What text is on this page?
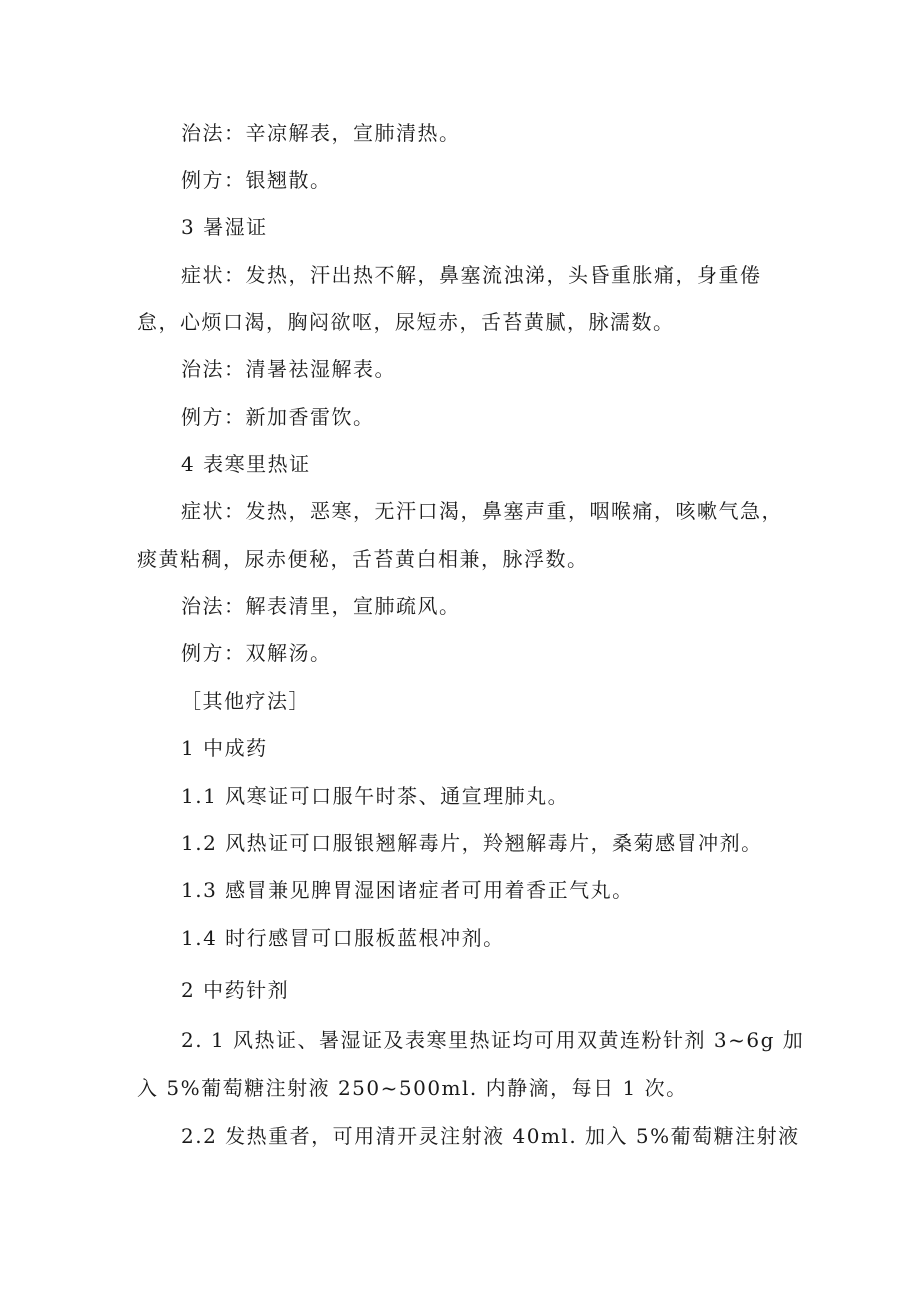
治法：辛凉解表，宣肺清热。
例方：银翘散。
3 暑湿证
症状：发热，汗出热不解，鼻塞流浊涕，头昏重胀痛，身重倦
怠，心烦口渴，胸闷欲呕，尿短赤，舌苔黄腻，脉濡数。
治法：清暑祛湿解表。
例方：新加香雷饮。
4 表寒里热证
症状：发热，恶寒，无汗口渴，鼻塞声重，咽喉痛，咳嗽气急，
痰黄粘稠，尿赤便秘，舌苔黄白相兼，脉浮数。
治法：解表清里，宣肺疏风。
例方：双解汤。
［其他疗法］
1 中成药
1.1 风寒证可口服午时茶、通宣理肺丸。
1.2 风热证可口服银翘解毒片，羚翘解毒片，桑菊感冒冲剂。
1.3 感冒兼见脾胃湿困诸症者可用着香正气丸。
1.4 时行感冒可口服板蓝根冲剂。
2 中药针剂
2. 1 风热证、暑湿证及表寒里热证均可用双黄连粉针剂 3~6g 加
入 5%葡萄糖注射液 250~500ml. 内静滴，每日 1 次。
2.2 发热重者，可用清开灵注射液 40ml. 加入 5%葡萄糖注射液
